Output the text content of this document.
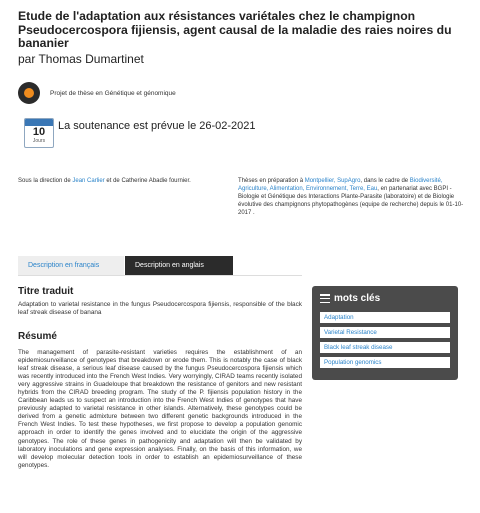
Etude de l'adaptation aux résistances variétales chez le champignon Pseudocercospora fijiensis, agent causal de la maladie des raies noires du bananier
par Thomas Dumartinet
Projet de thèse en Génétique et génomique
10
Jours
La soutenance est prévue le 26-02-2021
Sous la direction de Jean Carlier et de Catherine Abadie fournier.	Thèses en préparation à Montpellier, SupAgro, dans le cadre de Biodiversité, Agriculture, Alimentation, Environnement, Terre, Eau, en partenariat avec BGPI - Biologie et Génétique des Interactions Plante-Parasite (laboratoire) et de Biologie évolutive des champignons phytopathogènes (equipe de recherche) depuis le 01-10-2017 .
Description en français	Description en anglais
Titre traduit
Adaptation to varietal resistance in the fungus Pseudocercospora fijiensis, responsible of the black leaf streak disease of banana
Résumé
The management of parasite-resistant varieties requires the establishment of an epidemiosurveillance of genotypes that breakdown or erode them. This is notably the case of black leaf streak disease, a serious leaf disease caused by the fungus Pseudocercospora fijiensis which was recently introduced into the French West Indies. Very worryingly, CIRAD teams recently isolated very aggressive strains in Guadeloupe that breakdown the resistance of genitors and new resistant hybrids from the CIRAD breeding program. The study of the P. fijiensis population history in the Caribbean leads us to suspect an introduction into the French West Indies of genotypes that have previously adapted to varietal resistance in other islands. Alternatively, these genotypes could be derived from a genetic admixture between two different genetic backgrounds introduced in the French West Indies. To test these hypotheses, we first propose to develop a population genomic approach in order to identify the genes involved and to elucidate the origin of the aggressive genotypes. The role of these genes in pathogenicity and adaptation will then be validated by laboratory inoculations and gene expression analyses. Finally, on the basis of this information, we will develop molecular detection tools in order to establish an epidemiosurveillance of these genotypes.
mots clés
Adaptation
Varietal Resistance
Black leaf streak disease
Population genomics
